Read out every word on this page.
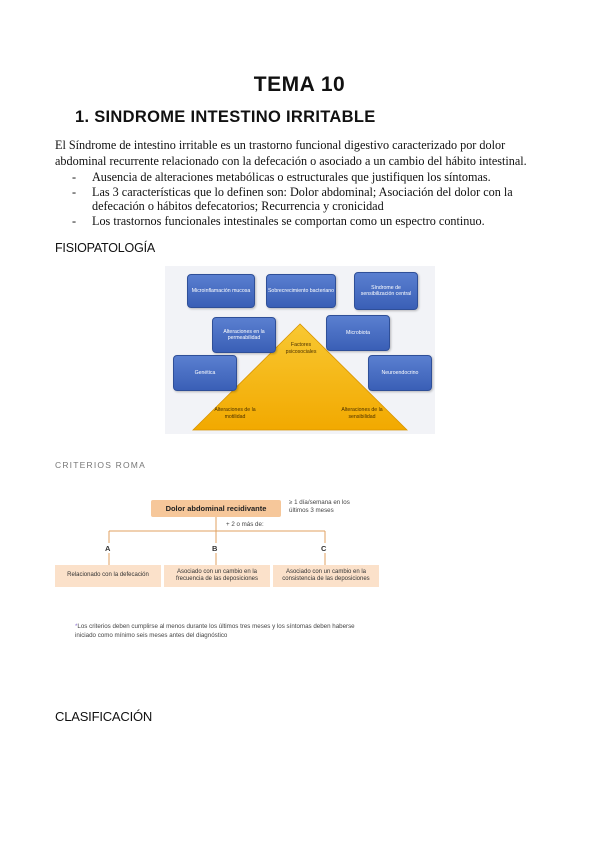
TEMA 10
1. SINDROME INTESTINO IRRITABLE
El Síndrome de intestino irritable es un trastorno funcional digestivo caracterizado por dolor abdominal recurrente relacionado con la defecación o asociado a un cambio del hábito intestinal.
- Ausencia de alteraciones metabólicas o estructurales que justifiquen los síntomas.
- Las 3 características que lo definen son: Dolor abdominal; Asociación del dolor con la defecación o hábitos defecatorios; Recurrencia y cronicidad
- Los trastornos funcionales intestinales se comportan como un espectro continuo.
FISIOPATOLOGÍA
Microinflamación mucosa	Sobrecrecimiento bacteriano
Síndrome de sensibilización central
Alteraciones en la permeabilidad
Microbiota
Genética	Neuroendocrino
Factores psicosociales
Alteraciones de la motilidad
Alteraciones de la sensibilidad
CRITERIOS ROMA
Dolor abdominal recidivante
≥ 1 día/semana en los últimos 3 meses
+ 2 o más de:
A	B	C
Relacionado con la defecación
Asociado con un cambio en la frecuencia de las deposiciones
Asociado con un cambio en la consistencia de las deposiciones
*Los criterios deben cumplirse al menos durante los últimos tres meses y los síntomas deben haberse iniciado como mínimo seis meses antes del diagnóstico
CLASIFICACIÓN
